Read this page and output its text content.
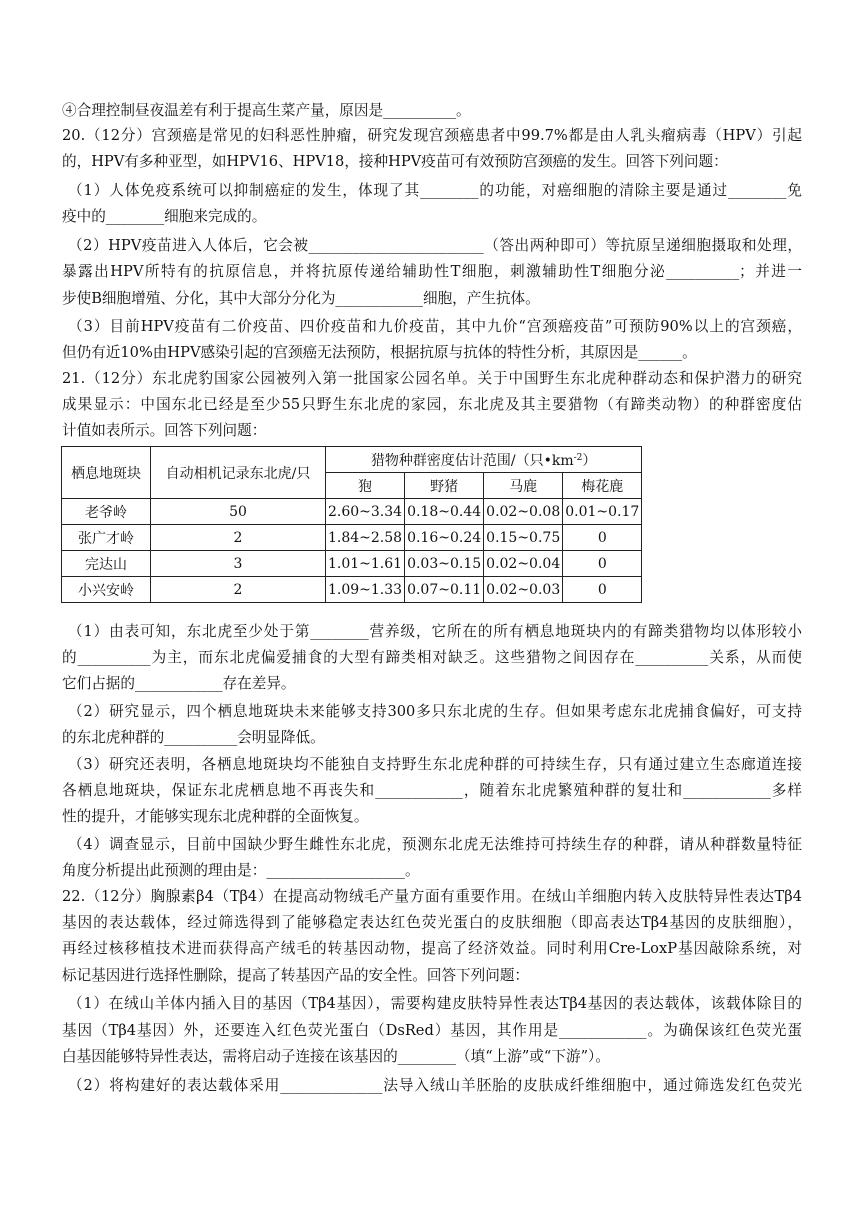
④合理控制昼夜温差有利于提高生菜产量，原因是__________。
20.（12分）宫颈癌是常见的妇科恶性肿瘤，研究发现宫颈癌患者中99.7%都是由人乳头瘤病毒（HPV）引起
的，HPV有多种亚型，如HPV16、HPV18，接种HPV疫苗可有效预防宫颈癌的发生。回答下列问题：
（1）人体免疫系统可以抑制癌症的发生，体现了其________的功能，对癌细胞的清除主要是通过________免
疫中的________细胞来完成的。
（2）HPV疫苗进入人体后，它会被________________________（答出两种即可）等抗原呈递细胞摄取和处理，
暴露出HPV所特有的抗原信息，并将抗原传递给辅助性T细胞，刺激辅助性T细胞分泌__________；并进一
步使B细胞增殖、分化，其中大部分分化为____________细胞，产生抗体。
（3）目前HPV疫苗有二价疫苗、四价疫苗和九价疫苗，其中九价“宫颈癌疫苗”可预防90%以上的宫颈癌，
但仍有近10%由HPV感染引起的宫颈癌无法预防，根据抗原与抗体的特性分析，其原因是______。
21.（12分）东北虎豹国家公园被列入第一批国家公园名单。关于中国野生东北虎种群动态和保护潜力的研究
成果显示：中国东北已经是至少55只野生东北虎的家园，东北虎及其主要猎物（有蹄类动物）的种群密度估
计值如表所示。回答下列问题：
栖息地斑块	自动相机记录东北虎/只	猎物种群密度估计范围/（只$•km^{-2}$）			
		狍	野猪	马鹿	梅花鹿
老爷岭	50	2.60~3.34	0.18~0.44	0.02~0.08	0.01~0.17
张广才岭	2	1.84~2.58	0.16~0.24	0.15~0.75	0
完达山	3	1.01~1.61	0.03~0.15	0.02~0.04	0
小兴安岭	2	1.09~1.33	0.07~0.11	0.02~0.03	0
（1）由表可知，东北虎至少处于第________营养级，它所在的所有栖息地斑块内的有蹄类猎物均以体形较小
的__________为主，而东北虎偏爱捕食的大型有蹄类相对缺乏。这些猎物之间因存在__________关系，从而使
它们占据的____________存在差异。
（2）研究显示，四个栖息地斑块未来能够支持300多只东北虎的生存。但如果考虑东北虎捕食偏好，可支持
的东北虎种群的__________会明显降低。
（3）研究还表明，各栖息地斑块均不能独自支持野生东北虎种群的可持续生存，只有通过建立生态廊道连接
各栖息地斑块，保证东北虎栖息地不再丧失和____________，随着东北虎繁殖种群的复壮和____________多样
性的提升，才能够实现东北虎种群的全面恢复。
（4）调查显示，目前中国缺少野生雌性东北虎，预测东北虎无法维持可持续生存的种群，请从种群数量特征
角度分析提出此预测的理由是：___________________。
22.（12分）胸腺素β4（Tβ4）在提高动物绒毛产量方面有重要作用。在绒山羊细胞内转入皮肤特异性表达Tβ4
基因的表达载体，经过筛选得到了能够稳定表达红色荧光蛋白的皮肤细胞（即高表达Tβ4基因的皮肤细胞），
再经过核移植技术进而获得高产绒毛的转基因动物，提高了经济效益。同时利用Cre-LoxP基因敲除系统，对
标记基因进行选择性删除，提高了转基因产品的安全性。回答下列问题：
（1）在绒山羊体内插入目的基因（Tβ4基因），需要构建皮肤特异性表达Tβ4基因的表达载体，该载体除目的
基因（Tβ4基因）外，还要连入红色荧光蛋白（DsRed）基因，其作用是____________。为确保该红色荧光蛋
白基因能够特异性表达，需将启动子连接在该基因的________（填“上游”或“下游”）。
（2）将构建好的表达载体采用______________法导入绒山羊胚胎的皮肤成纤维细胞中，通过筛选发红色荧光
